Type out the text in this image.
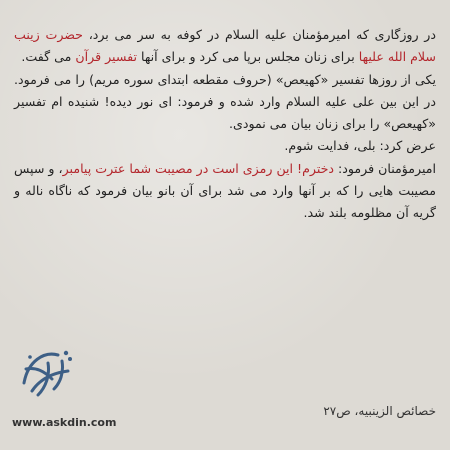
در روزگاری که امیرمؤمنان علیه السلام در کوفه به سر می برد، حضرت زینب سلام الله علیها برای زنان مجلس برپا می کرد و برای آنها تفسیر قرآن می گفت.

یکی از روزها تفسیر «کهیعص» (حروف مقطعه ابتدای سوره مریم) را می فرمود. در این بین علی علیه السلام وارد شده و فرمود: ای نور دیده! شنیده ام تفسیر «کهیعص» را برای زنان بیان می نمودی.

عرض کرد: بلی، فدایت شوم.

امیرمؤمنان فرمود: دخترم! این رمزی است در مصیبت شما عترت پیامبر، و سپس مصیبت هایی را که بر آنها وارد می شد برای آن بانو بیان فرمود که ناگاه ناله و گریه آن مظلومه بلند شد.

www.askdin.com
خصائص الزینبیه، ص۲۷
